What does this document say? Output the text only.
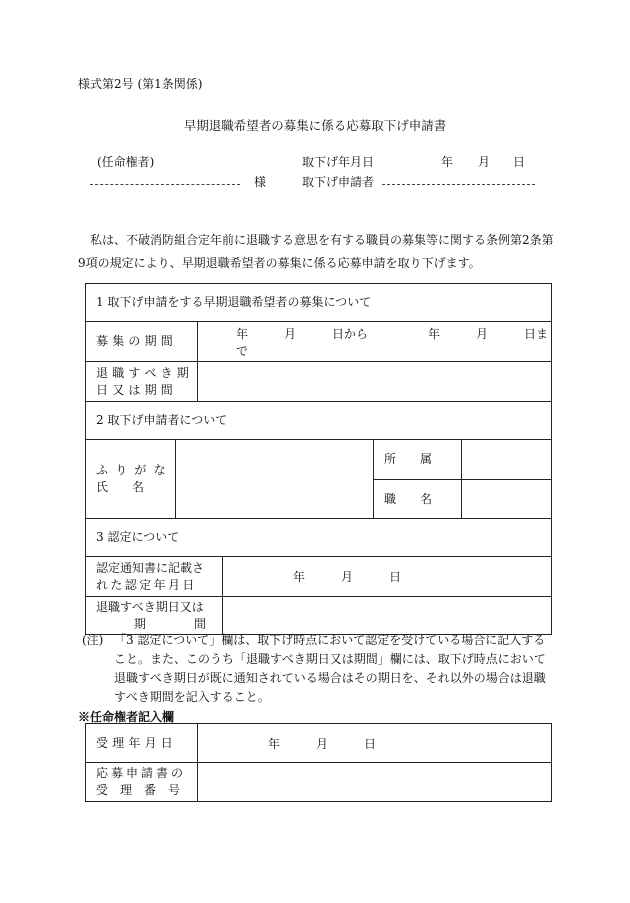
様式第2号 (第1条関係)
早期退職希望者の募集に係る応募取下げ申請書
(任命権者)
様
取下げ年月日	年 月 日
取下げ申請者
私は、不破消防組合定年前に退職する意思を有する職員の募集等に関する条例第2条第9項の規定により、早期退職希望者の募集に係る応募申請を取り下げます。
1 取下げ申請をする早期退職希望者の募集について					
募集の期間		年　　　月　　　日から　　　　　年　　　月　　　日まで			

退職すべき期
日又は期間					

2 取下げ申請者について					

ふりがな
氏　　名				所　　属	
				職　　名	
3 認定について					

認定通知書に記載さ
れた認定年月日			年　　　月　　　日		

退職すべき期日又は
期　　　　間					

(注) 「3 認定について」欄は、取下げ時点において認定を受けている場合に記入すること。また、このうち「退職すべき期日又は期間」欄には、取下げ時点において退職すべき期日が既に通知されている場合はその期日を、それ以外の場合は退職すべき期間を記入すること。
※任命権者記入欄
受理年月日	年　　　月　　　日

応募申請書の
受　理　番　号	
